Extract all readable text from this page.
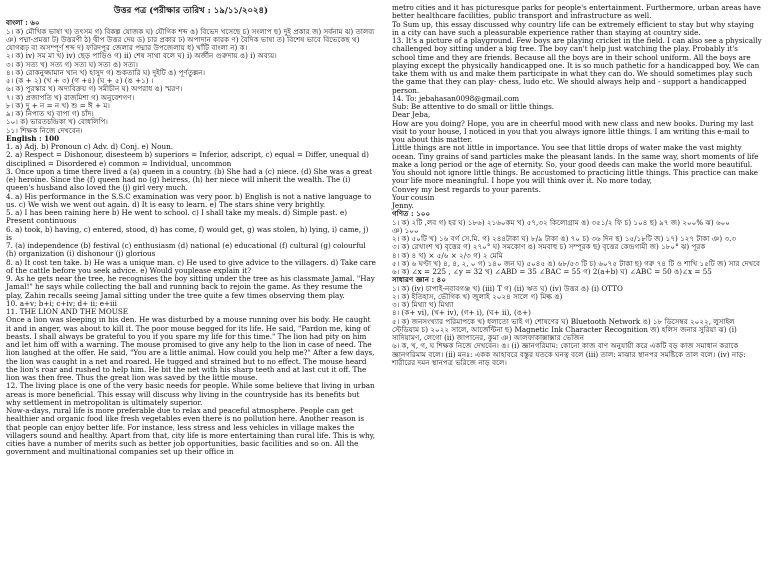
উত্তর পত্র (পরীক্ষার তারিখ : ১৯/১১/২০২৪)
বাংলা : ৬০
১। ক) মৌখিক ভাষা খ) তৎসম গ) বিকল্প যোজক ঘ) যৌগিক শব্দ ঙ) বিভেদ খসেছে চ) সংলাপ ছ) দুই প্রকার জ) সর্বনাম ঝ) তালব্য ঞ) পদ্মা-প্রমত্তা ট) উত্তরণী ঠ) দ্বীপ উত্তর দেয় ড) চার প্রকার ঢ) অপাদান কারক ণ) বৈদিক ভাষা ত) বিশেষ ভাবে বিভেকেছ থ) যোগরূঢ় বা অসম্পূর্ণ শব্দ দ) ফরিদপুর জেলার পদ্মার উপজেলায় ধ) খাঁটি বাংলা ন) ক।
২। ক) iv) সম মা খ) iv) ছেড় পাড়িও গ) ii) শেষ সাথা বলে ঘ) i) অর্জীন গুরুদায় ঙ) i) অব্যয়।
৩। ক) সত্য খ) সত্য গ) সত্য ঘ) সত্য ঙ) সত্য।
৪। ক) রোকনুজ্জামান খান খ) হাসুদ গ) শুকতারি ঘ) দুইটি ঙ) পূর্ণতুল্লন।
৫। (ক + ২) (খ + ৩) (গ +৪) (ঘ + ৫) (ঙ +১) ।
৬। ক) পুরস্কার খ) অদ্যবিক্রয় গ) সমীচীন ঘ) অপরাধ ঙ) স্মরণ।
৭। ক) প্রজাপতি খ) রাজমিশা গ) অনুবেশগণ।
৮। ক) দু + ন = ন খ) শু = ঈ + ম।
৯। ক) নিপাত খ) বাপা গ) চাঁদ।
১০। ক) ভারতচন্দ্রিকা খ) বোধলিপি।
১১। শিক্ষক নিজে দেখবেন।
English : 100
1. a) Adj. b) Pronoun c) Adv. d) Conj. e) Noun.
2. a) Respect = Dishonour, disesteem b) superiors = Inferior, adscript, c) equal = Differ, unequal d) disciplined = Disordered e) common = Individual, uncommon
3. Once upon a time there lived a (a) queen in a country. (b) She had a (c) niece. (d) She was a great (e) heroine. Since the (f) queen had no (g) heiress, (h) her niece will inherit the wealth. The (i) queen's husband also loved the (j) girl very much.
4. a) His performance in the S.S.C examination was very poor. b) English is not a native language to us. c) We wish we went out again. d) It is easy to learn. e) The stars shine very brightly.
5. a) I has been raining here b) He went to school. c) I shall take my meals. d) Simple past. e) Present continuous
6. a) took, b) having, c) entered, stood, d) has come, f) would get, g) was stolen, h) lying, i) came, j) is
7. (a) independence (b) festival (c) enthusiasm (d) national (e) educational (f) cultural (g) colourful (h) organization (i) dishonour (j) glorious
8. a) It cost ten take. b) He was a unique man. c) He used to give advice to the villagers. d) Take care of the cattle before you seek advice. e) Would youplease explain it?
9. As he gets near the tree, he recognises the boy sitting under the tree as his classmate Jamal. "Hay Jamal!" he says while collecting the ball and running back to rejoin the game. As they resume the play, Zahin recalls seeing Jamal sitting under the tree quite a few times observing them play.
10. a+v; b+i; c+iv; d+ ii; e+iii
11. THE LION AND THE MOUSE
Once a lion was sleeping in his den. He was disturbed by a mouse running over his body. He caught it and in anger, was about to kill it. The poor mouse begged for its life. He said, "Pardon me, king of beasts. I shall always be grateful to you if you spare my life for this time." The lion had pity on him and let him off with a warning. The mouse promised to give any help to the lion in case of need. The lion laughed at the offer. He said, "You are a little animal. How could you help me?" After a few days, the lion was caught in a net and roared. He tugged and strained but to no effect. The mouse heard the lion's roar and rushed to help him. He bit the net with his sharp teeth and at last cut it off. The lion was then free. Thus the great lion was saved by the little mouse.
12. The living place is one of the very basic needs for people. While some believe that living in urban areas is more beneficial. This essay will discuss why living in the countryside has its benefits but why settlement in metropolitan is ultimately superior.
Now-a-days, rural life is more preferable due to relax and peaceful atmosphere. People can get healthier and organic food like fresh vegetables even there is no pollution here. Another reason is that people can enjoy better life. For instance, less stress and less vehicles in village makes the villagers sound and healthy. Apart from that, city life is more entertaining than rural life. This is why, cities have a number of merits such as better job opportunities, basic facilities and so on. All the government and multinational companies set up their office in
metro cities and it has picturesque parks for people's entertainment. Furthermore, urban areas have better healthcare facilities, public transport and infrastructure as well.
To Sum up, this essay discussed why country life can be extremely efficient to stay but why staying in a city can have such a pleasurable experience rather than staying at country side.
13. It's a picture of a playground. Few boys are playing cricket in the field. I can also see a physically challenged boy sitting under a big tree. The boy can't help just watching the play. Probably it's school time and they are friends. Because all the boys are in their school uniform. All the boys are playing except the physically handicapped one. It is so much pathetic for a handicapped boy. We can take them with us and make them participate in what they can do. We should sometimes play such the game that they can play- chess, ludo etc. We should always help and - support a handicapped person.
14. To: jebahasan0098@gmail.com
Sub: Be attentive to do small or little things.
Dear Jeba,
How are you doing? Hope, you are in cheerful mood with new class and new books. During my last visit to your house, I noticed in you that you always ignore little things. I am writing this e-mail to you about this matter.
Little things are not little in importance. You see that little drops of water make the vast mighty ocean. Tiny grains of sand particles make the pleasant lands. In the same way, short moments of life make a long period or the age of eternity. So, your good deeds can make the world more beautiful. You should not ignore little things. Be accustomed to practicing little things. This practice can make your life more meaningful. I hope you will think over it. No more today,
Convey my best regards to your parents.
Your cousin
Jenny.
গণিত : ১০০
১। ক) ২টি ,লব গ) হর ঘ) ১৮৬) ২১৬০কম খ) ৫৭,৩২ কিলোগ্রাম ঙ) ৩৫১/২ ফি চ) ১০৪ ছ) ৯৭ জ) ২০০% ঝ) ৬০০
ঞ) ১০০
২। ক) ৫০টি খ) ১৬ বর্গ সে.মি. গ) ২৪৪টাকা ঘ) ৮/৯ টাকা ঙ) ৭০ চ) ৩৬ দিন ছ) ১৫/১৮টি জ) ১৭) ১২৭ টাকা ঞ) ৩.৩
৩। ক) রেখাংশ খ) বৃত্তের গ) ২৭০° ঘ) সমকোণ ঙ) সমবাহু চ) সম্পূরক ছ) বৃত্তের কেন্দ্রগামী জ) ১৮০° ঝ) পূরক
৪। ক) ৪ খ) × ৫/৬ × ২/৩ গ) ২ মেমি
৫। ক) ৬ ঘণ্টা খ) ৪, ৪, ২, ০ গ) ১৪০ জন ঘ) ৫০৪৫ ঙ) ৬৮/৫৩ টি চ) ৬০৭৫ টাকা ছ) গরু ৭৪ টি ও শাখি ১৫টি জ) সার দেখবে
৬। ক) ∠x = 225 , ∠y = 32 খ) ∠ABD = 35 ∠BAC = 55 গ) 2(a+b) ঘ) ∠ABC = 50 ঙ)∠x = 55
সাধারণ জ্ঞান : ৪০
১। ক) (iv) চাপাই-নবাবগঞ্জ খ) (iii) T গ) (ii) ঋত ঘ) (iv) উত্তর ঙ) (i) OTTO
২। ক) ইতিহাস, ভৌগিক খ) জুলাই ২০২৪ সালে গ) মিল্ক ঙ)
৩। ক) মিথ্যা খ) মিথ্যা
৪। (ক+ vi), (খ+ iv), (গ+ i), (ঘ+ ii), (ঙ+)
৫। ক) জনসংখ্যার পরিমাপকে খ) ধলাতো ভাই গ) শোষণের ঘ) Bluetooth Network ঙ) ১৮ ডিসেম্বর ২০২২, লুসাইল স্টেডিয়াম চ) ২০২২ সালে, আর্জেন্টিনা ছ) Magnetic Ink Character Recognition জ) হলিস জনার সুরিয়া ঝ) (i) সাদিয়ামণ, লেগো (ii) জাপানের, কুমা ঞ) আলফাকাক্সাক্সার ভেজিন
৬। ক, খ, গ, ঘ শিক্ষক নিজে দেখবেন। ঙ। (i) জ্ঞানগরিমাম: কোনো কাজ বাণ অনুযায়ী করে একটি বড় কাজ সমাধান করাকে জ্ঞানগরিমাম বলে। (ii) মনঃ: একক আহাবরে বস্তুর যতকে ঘনত্ব বলে (iii) তাল: মাঝার স্থানপর সমষ্টিকে তাল বলে। (iv) নাড়: শারীরের দমন স্থানপত্র ভরিজে নাড় বলে।
